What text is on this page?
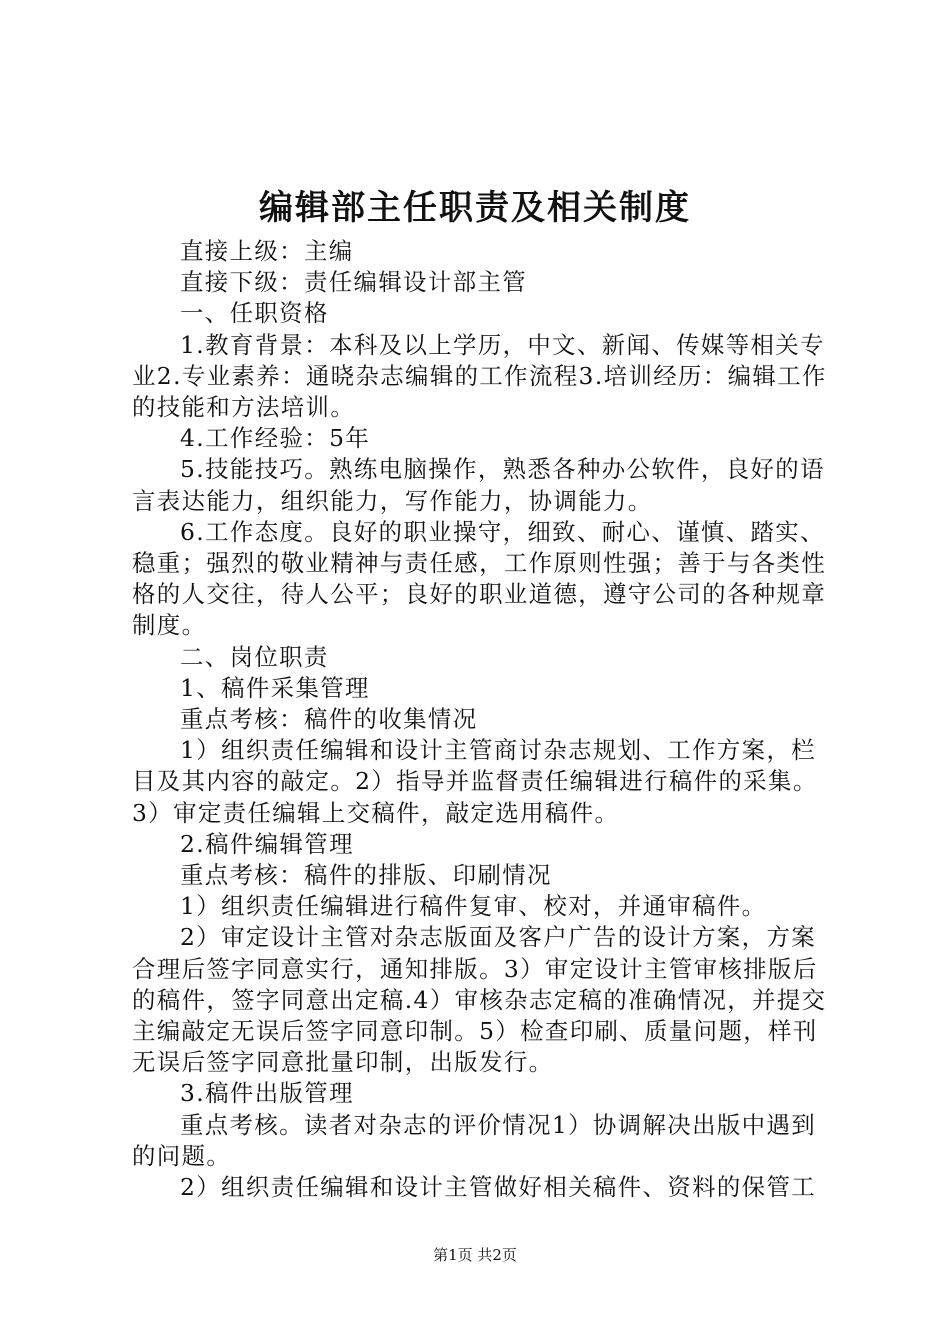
编辑部主任职责及相关制度

直接上级：主编

直接下级：责任编辑设计部主管

一、任职资格

1.教育背景：本科及以上学历，中文、新闻、传媒等相关专业2.专业素养：通晓杂志编辑的工作流程3.培训经历：编辑工作的技能和方法培训。

4.工作经验：5年

5.技能技巧。熟练电脑操作，熟悉各种办公软件，良好的语言表达能力，组织能力，写作能力，协调能力。

6.工作态度。良好的职业操守，细致、耐心、谨慎、踏实、稳重；强烈的敬业精神与责任感，工作原则性强；善于与各类性格的人交往，待人公平；良好的职业道德，遵守公司的各种规章制度。

二、岗位职责

1、稿件采集管理

重点考核：稿件的收集情况

1）组织责任编辑和设计主管商讨杂志规划、工作方案，栏目及其内容的敲定。2）指导并监督责任编辑进行稿件的采集。3）审定责任编辑上交稿件，敲定选用稿件。

2.稿件编辑管理

重点考核：稿件的排版、印刷情况

1）组织责任编辑进行稿件复审、校对，并通审稿件。

2）审定设计主管对杂志版面及客户广告的设计方案，方案合理后签字同意实行，通知排版。3）审定设计主管审核排版后的稿件，签字同意出定稿.4）审核杂志定稿的准确情况，并提交主编敲定无误后签字同意印制。5）检查印刷、质量问题，样刊无误后签字同意批量印制，出版发行。

3.稿件出版管理

重点考核。读者对杂志的评价情况1）协调解决出版中遇到的问题。

2）组织责任编辑和设计主管做好相关稿件、资料的保管工

第1页 共2页
